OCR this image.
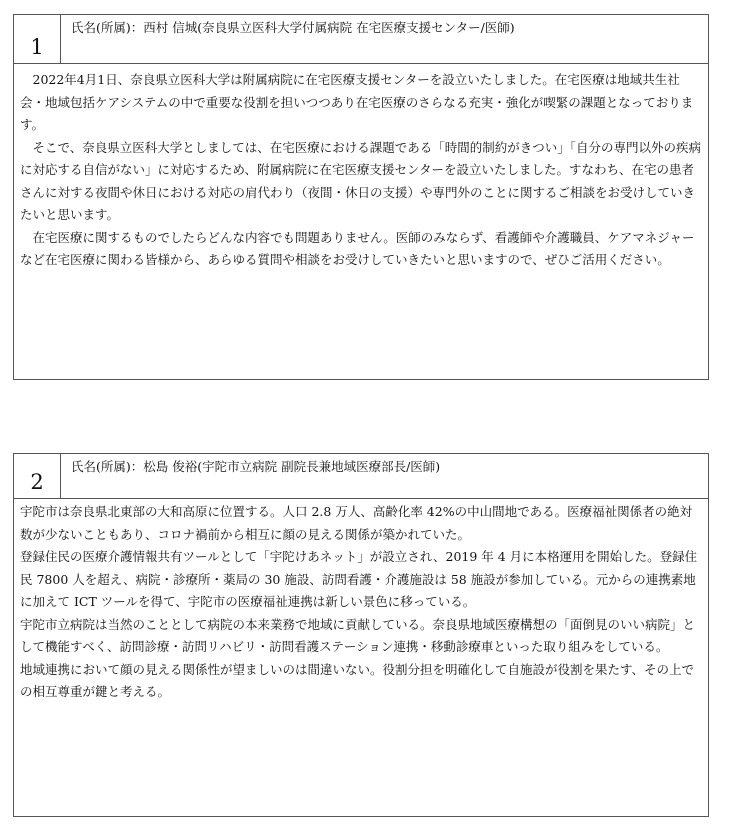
1
氏名(所属)：西村 信城(奈良県立医科大学付属病院 在宅医療支援センター/医師)

2022年4月1日、奈良県立医科大学は附属病院に在宅医療支援センターを設立いたしました。在宅医療は地域共生社会・地域包括ケアシステムの中で重要な役割を担いつつあり在宅医療のさらなる充実・強化が喫緊の課題となっております。

そこで、奈良県立医科大学としましては、在宅医療における課題である「時間的制約がきつい」「自分の専門以外の疾病に対応する自信がない」に対応するため、附属病院に在宅医療支援センターを設立いたしました。すなわち、在宅の患者さんに対する夜間や休日における対応の肩代わり（夜間・休日の支援）や専門外のことに関するご相談をお受けしていきたいと思います。

在宅医療に関するものでしたらどんな内容でも問題ありません。医師のみならず、看護師や介護職員、ケアマネジャーなど在宅医療に関わる皆様から、あらゆる質問や相談をお受けしていきたいと思いますので、ぜひご活用ください。

2
氏名(所属)：松島 俊裕(宇陀市立病院 副院長兼地域医療部長/医師)

宇陀市は奈良県北東部の大和高原に位置する。人口 2.8 万人、高齢化率 42%の中山間地である。医療福祉関係者の絶対数が少ないこともあり、コロナ禍前から相互に顔の見える関係が築かれていた。

登録住民の医療介護情報共有ツールとして「宇陀けあネット」が設立され、2019 年 4 月に本格運用を開始した。登録住民 7800 人を超え、病院・診療所・薬局の 30 施設、訪問看護・介護施設は 58 施設が参加している。元からの連携素地に加えて ICT ツールを得て、宇陀市の医療福祉連携は新しい景色に移っている。

宇陀市立病院は当然のこととして病院の本来業務で地域に貢献している。奈良県地域医療構想の「面倒見のいい病院」として機能すべく、訪問診療・訪問リハビリ・訪問看護ステーション連携・移動診療車といった取り組みをしている。

地域連携において顔の見える関係性が望ましいのは間違いない。役割分担を明確化して自施設が役割を果たす、その上での相互尊重が鍵と考える。
